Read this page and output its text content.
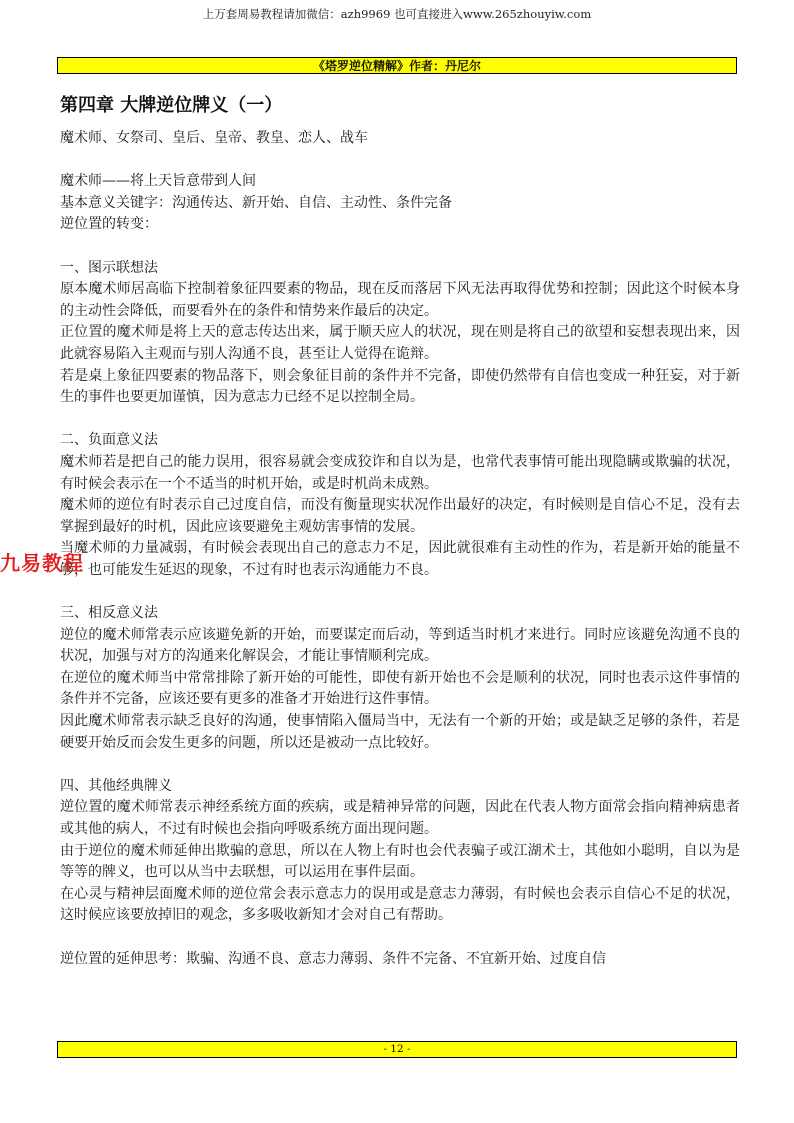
上万套周易教程请加微信：azh9969 也可直接进入www.265zhouyiw.com
《塔罗逆位精解》作者：丹尼尔
第四章 大牌逆位牌义（一）

魔术师、女祭司、皇后、皇帝、教皇、恋人、战车

魔术师——将上天旨意带到人间

基本意义关键字：沟通传达、新开始、自信、主动性、条件完备

逆位置的转变：

一、图示联想法

原本魔术师居高临下控制着象征四要素的物品，现在反而落居下风无法再取得优势和控制；因此这个时候本身的主动性会降低，而要看外在的条件和情势来作最后的决定。

正位置的魔术师是将上天的意志传达出来，属于顺天应人的状况，现在则是将自己的欲望和妄想表现出来，因此就容易陷入主观而与别人沟通不良，甚至让人觉得在诡辩。

若是桌上象征四要素的物品落下，则会象征目前的条件并不完备，即使仍然带有自信也变成一种狂妄，对于新生的事件也要更加谨慎，因为意志力已经不足以控制全局。

二、负面意义法

魔术师若是把自己的能力误用，很容易就会变成狡诈和自以为是，也常代表事情可能出现隐瞒或欺骗的状况，有时候会表示在一个不适当的时机开始，或是时机尚未成熟。

魔术师的逆位有时表示自己过度自信，而没有衡量现实状况作出最好的决定，有时候则是自信心不足，没有去掌握到最好的时机，因此应该要避免主观妨害事情的发展。

当魔术师的力量减弱，有时候会表现出自己的意志力不足，因此就很难有主动性的作为，若是新开始的能量不够，也可能发生延迟的现象，不过有时也表示沟通能力不良。

三、相反意义法

逆位的魔术师常表示应该避免新的开始，而要谋定而后动，等到适当时机才来进行。同时应该避免沟通不良的状况，加强与对方的沟通来化解误会，才能让事情顺利完成。

在逆位的魔术师当中常常排除了新开始的可能性，即使有新开始也不会是顺利的状况，同时也表示这件事情的条件并不完备，应该还要有更多的准备才开始进行这件事情。

因此魔术师常表示缺乏良好的沟通，使事情陷入僵局当中，无法有一个新的开始；或是缺乏足够的条件，若是硬要开始反而会发生更多的问题，所以还是被动一点比较好。

四、其他经典牌义

逆位置的魔术师常表示神经系统方面的疾病，或是精神异常的问题，因此在代表人物方面常会指向精神病患者或其他的病人，不过有时候也会指向呼吸系统方面出现问题。

由于逆位的魔术师延伸出欺骗的意思，所以在人物上有时也会代表骗子或江湖术士，其他如小聪明，自以为是等等的牌义，也可以从当中去联想，可以运用在事件层面。

在心灵与精神层面魔术师的逆位常会表示意志力的误用或是意志力薄弱，有时候也会表示自信心不足的状况，这时候应该要放掉旧的观念，多多吸收新知才会对自己有帮助。

逆位置的延伸思考：欺骗、沟通不良、意志力薄弱、条件不完备、不宜新开始、过度自信

九易教程
- 12 -
